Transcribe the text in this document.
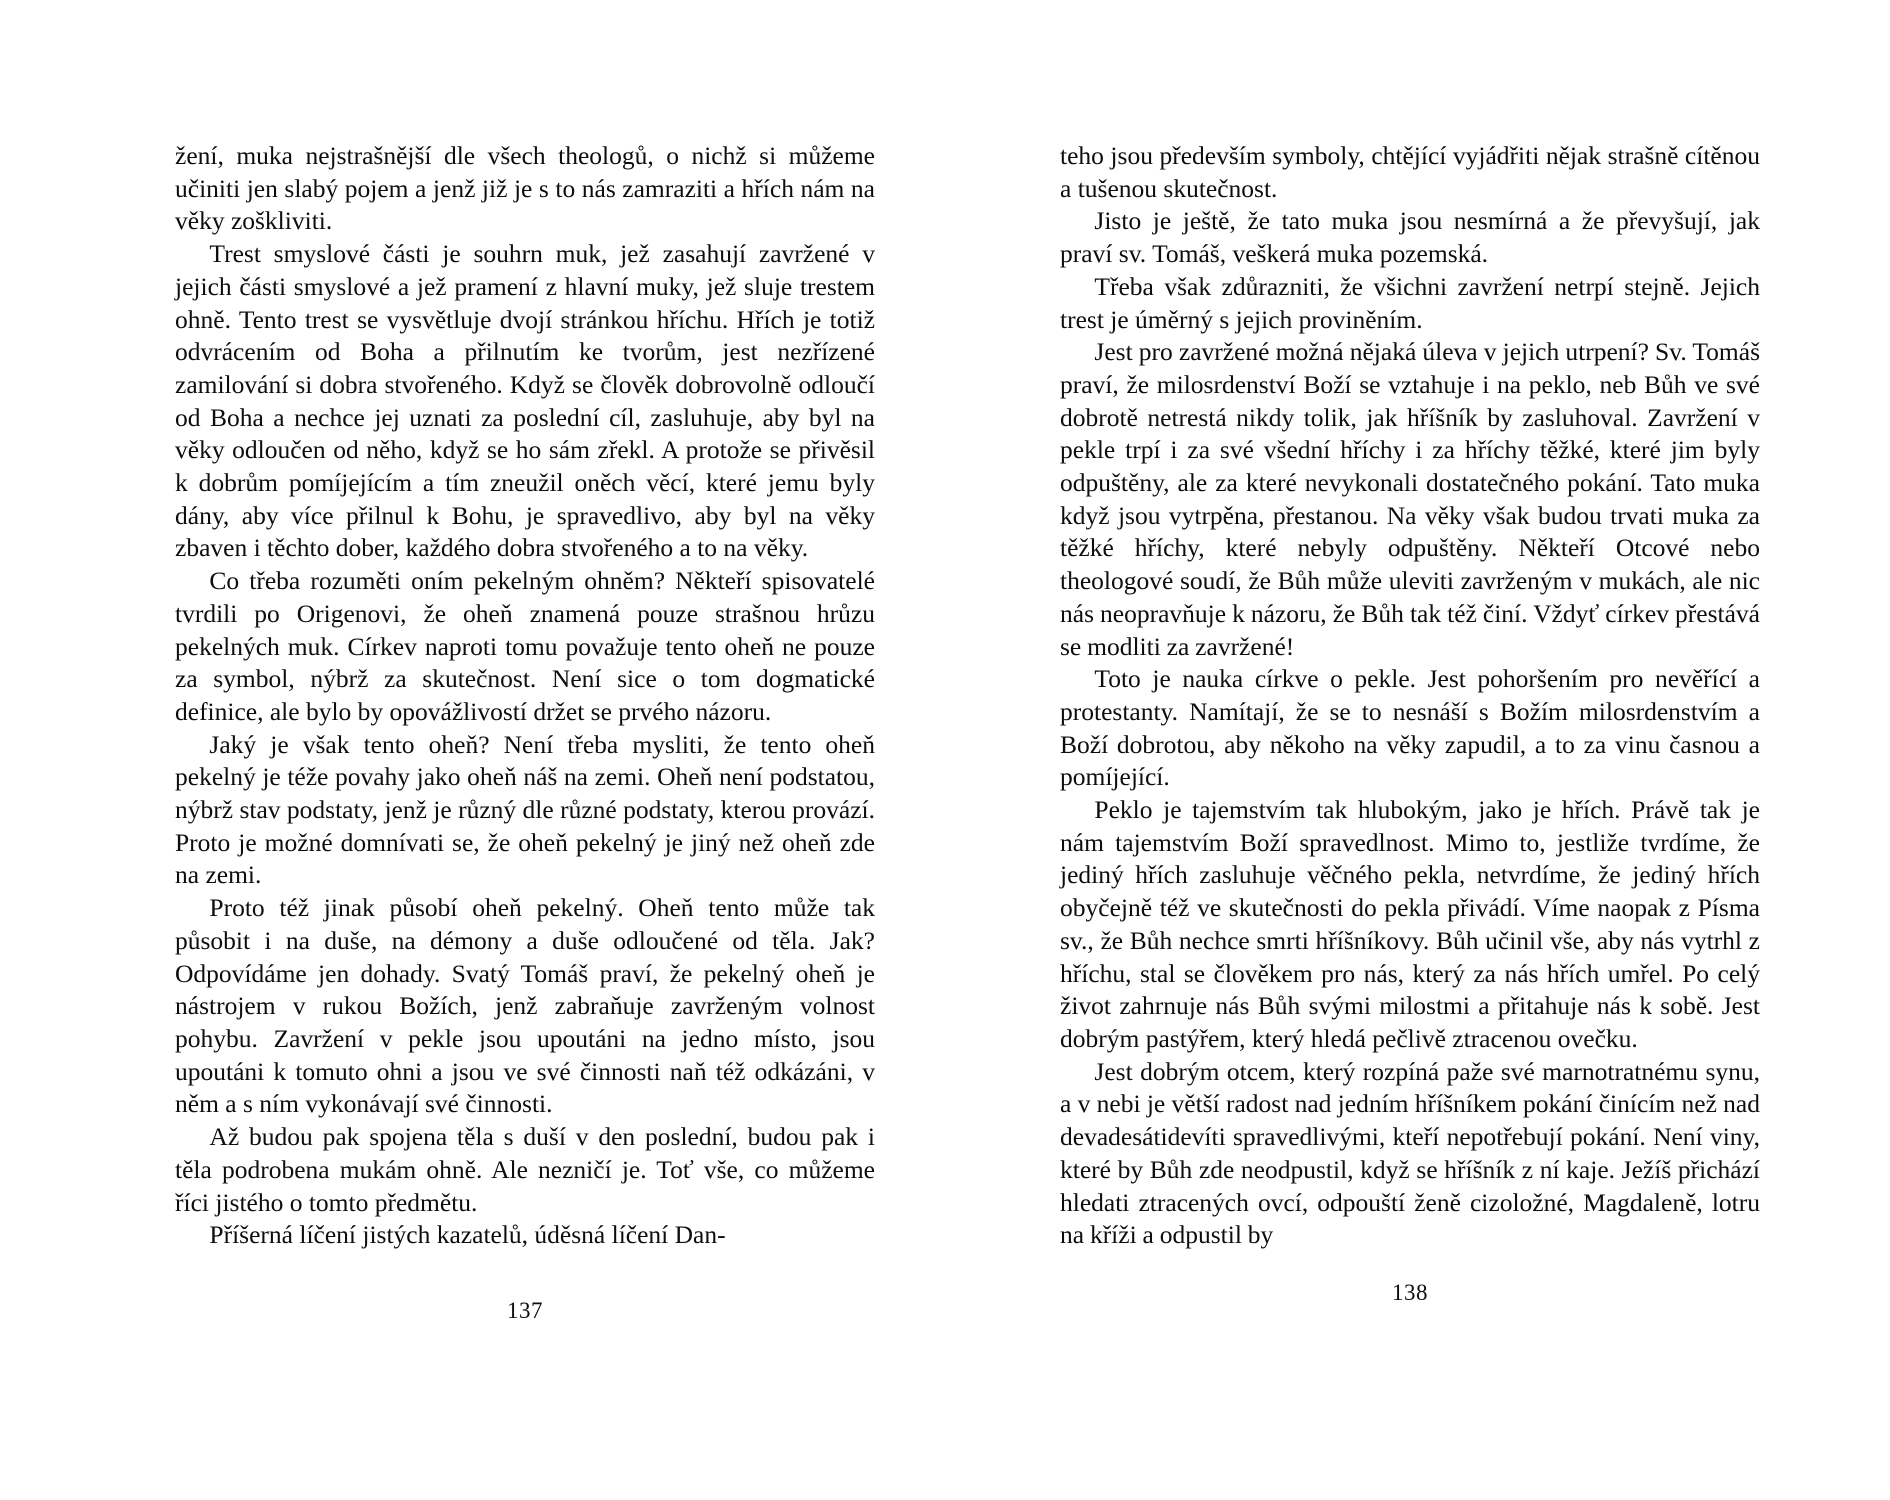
žení, muka nejstrašnější dle všech theologů, o nichž si můžeme učiniti jen slabý pojem a jenž již je s to nás zamraziti a hřích nám na věky zoškliviti.

Trest smyslové části je souhrn muk, jež zasahují zavržené v jejich části smyslové a jež pramení z hlavní muky, jež sluje trestem ohně. Tento trest se vysvětluje dvojí stránkou hříchu. Hřích je totiž odvrácením od Boha a přilnutím ke tvorům, jest nezřízené zamilování si dobra stvořeného. Když se člověk dobrovolně odloučí od Boha a nechce jej uznati za poslední cíl, zasluhuje, aby byl na věky odloučen od něho, když se ho sám zřekl. A protože se přivěsil k dobrům pomíjejícím a tím zneužil oněch věcí, které jemu byly dány, aby více přilnul k Bohu, je spravedlivo, aby byl na věky zbaven i těchto dober, každého dobra stvořeného a to na věky.

Co třeba rozuměti oním pekelným ohněm? Někteří spisovatelé tvrdili po Origenovi, že oheň znamená pouze strašnou hrůzu pekelných muk. Církev naproti tomu považuje tento oheň ne pouze za symbol, nýbrž za skutečnost. Není sice o tom dogmatické definice, ale bylo by opovážlivostí držet se prvého názoru.

Jaký je však tento oheň? Není třeba mysliti, že tento oheň pekelný je téže povahy jako oheň náš na zemi. Oheň není podstatou, nýbrž stav podstaty, jenž je různý dle různé podstaty, kterou provází. Proto je možné domnívati se, že oheň pekelný je jiný než oheň zde na zemi.

Proto též jinak působí oheň pekelný. Oheň tento může tak působit i na duše, na démony a duše odloučené od těla. Jak? Odpovídáme jen dohady. Svatý Tomáš praví, že pekelný oheň je nástrojem v rukou Božích, jenž zabraňuje zavrženým volnost pohybu. Zavržení v pekle jsou upoutáni na jedno místo, jsou upoutáni k tomuto ohni a jsou ve své činnosti naň též odkázáni, v něm a s ním vykonávají své činnosti.

Až budou pak spojena těla s duší v den poslední, budou pak i těla podrobena mukám ohně. Ale nezničí je. Toť vše, co můžeme říci jistého o tomto předmětu.

Příšerná líčení jistých kazatelů, úděsná líčení Dan-

137

teho jsou především symboly, chtějící vyjádřiti nějak strašně cítěnou a tušenou skutečnost.

Jisto je ještě, že tato muka jsou nesmírná a že převyšují, jak praví sv. Tomáš, veškerá muka pozemská.

Třeba však zdůrazniti, že všichni zavržení netrpí stejně. Jejich trest je úměrný s jejich proviněním.

Jest pro zavržené možná nějaká úleva v jejich utrpení? Sv. Tomáš praví, že milosrdenství Boží se vztahuje i na peklo, neb Bůh ve své dobrotě netrestá nikdy tolik, jak hříšník by zasluhoval. Zavržení v pekle trpí i za své všední hříchy i za hříchy těžké, které jim byly odpuštěny, ale za které nevykonali dostatečného pokání. Tato muka když jsou vytrpěna, přestanou. Na věky však budou trvati muka za těžké hříchy, které nebyly odpuštěny. Někteří Otcové nebo theologové soudí, že Bůh může uleviti zavrženým v mukách, ale nic nás neopravňuje k názoru, že Bůh tak též činí. Vždyť církev přestává se modliti za zavržené!

Toto je nauka církve o pekle. Jest pohoršením pro nevěřící a protestanty. Namítají, že se to nesnáší s Božím milosrdenstvím a Boží dobrotou, aby někoho na věky zapudil, a to za vinu časnou a pomíjející.

Peklo je tajemstvím tak hlubokým, jako je hřích. Právě tak je nám tajemstvím Boží spravedlnost. Mimo to, jestliže tvrdíme, že jediný hřích zasluhuje věčného pekla, netvrdíme, že jediný hřích obyčejně též ve skutečnosti do pekla přivádí. Víme naopak z Písma sv., že Bůh nechce smrti hříšníkovy. Bůh učinil vše, aby nás vytrhl z hříchu, stal se člověkem pro nás, který za nás hřích umřel. Po celý život zahrnuje nás Bůh svými milostmi a přitahuje nás k sobě. Jest dobrým pastýřem, který hledá pečlivě ztracenou ovečku.

Jest dobrým otcem, který rozpíná paže své marnotratnému synu, a v nebi je větší radost nad jedním hříšníkem pokání činícím než nad devadesátidevíti spravedlivými, kteří nepotřebují pokání. Není viny, které by Bůh zde neodpustil, když se hříšník z ní kaje. Ježíš přichází hledati ztracených ovcí, odpouští ženě cizoložné, Magdaleně, lotru na kříži a odpustil by

138
